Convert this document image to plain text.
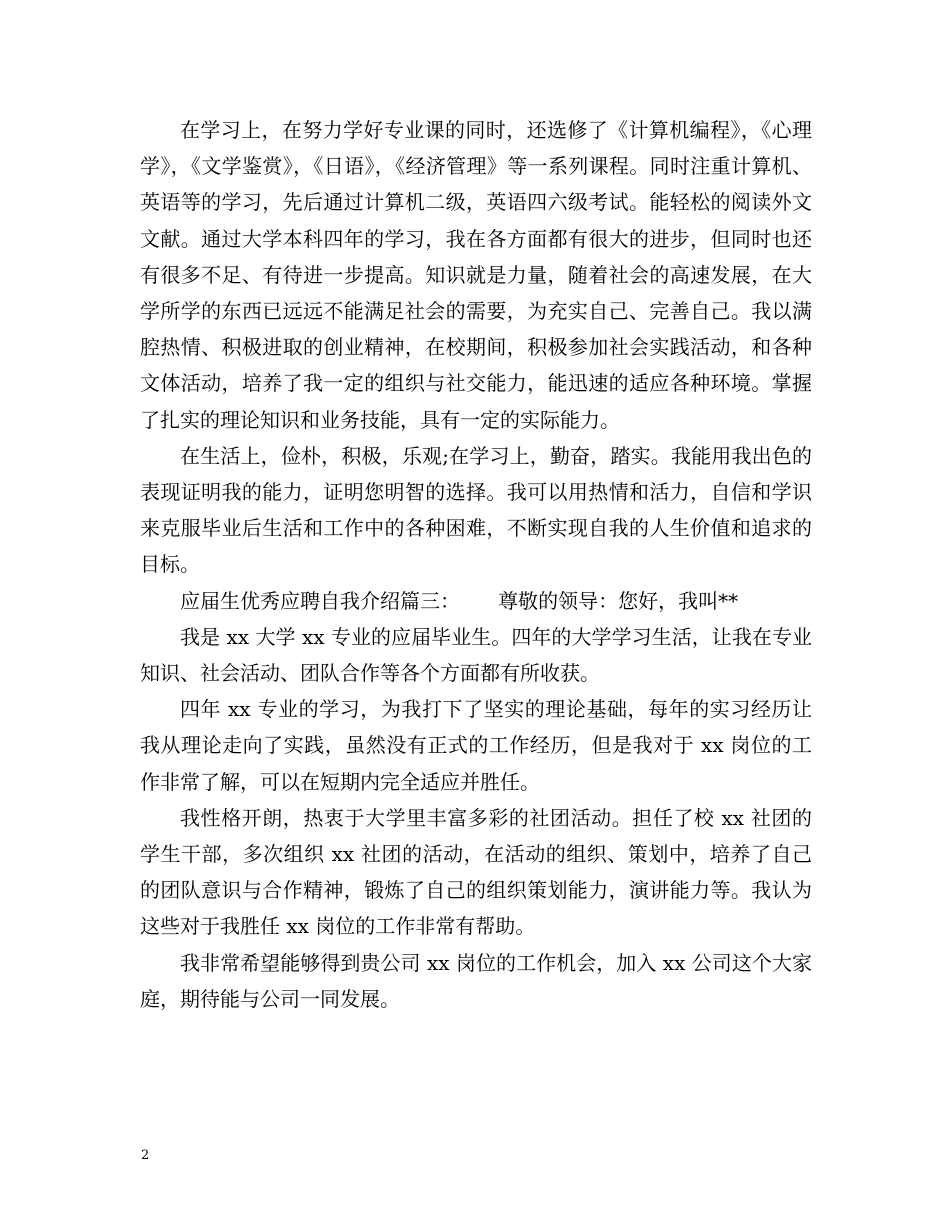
在学习上，在努力学好专业课的同时，还选修了《计算机编程》，《心理学》，《文学鉴赏》，《日语》，《经济管理》等一系列课程。同时注重计算机、英语等的学习，先后通过计算机二级，英语四六级考试。能轻松的阅读外文文献。通过大学本科四年的学习，我在各方面都有很大的进步，但同时也还有很多不足、有待进一步提高。知识就是力量，随着社会的高速发展，在大学所学的东西已远远不能满足社会的需要，为充实自己、完善自己。我以满腔热情、积极进取的创业精神，在校期间，积极参加社会实践活动，和各种文体活动，培养了我一定的组织与社交能力，能迅速的适应各种环境。掌握了扎实的理论知识和业务技能，具有一定的实际能力。

在生活上，俭朴，积极，乐观;在学习上，勤奋，踏实。我能用我出色的表现证明我的能力，证明您明智的选择。我可以用热情和活力，自信和学识来克服毕业后生活和工作中的各种困难，不断实现自我的人生价值和追求的目标。

应届生优秀应聘自我介绍篇三：      尊敬的领导：您好，我叫**

我是 xx 大学 xx 专业的应届毕业生。四年的大学学习生活，让我在专业知识、社会活动、团队合作等各个方面都有所收获。

四年 xx 专业的学习，为我打下了坚实的理论基础，每年的实习经历让我从理论走向了实践，虽然没有正式的工作经历，但是我对于 xx 岗位的工作非常了解，可以在短期内完全适应并胜任。

我性格开朗，热衷于大学里丰富多彩的社团活动。担任了校 xx 社团的学生干部，多次组织 xx 社团的活动，在活动的组织、策划中，培养了自己的团队意识与合作精神，锻炼了自己的组织策划能力，演讲能力等。我认为这些对于我胜任 xx 岗位的工作非常有帮助。

我非常希望能够得到贵公司 xx 岗位的工作机会，加入 xx 公司这个大家庭，期待能与公司一同发展。

2
